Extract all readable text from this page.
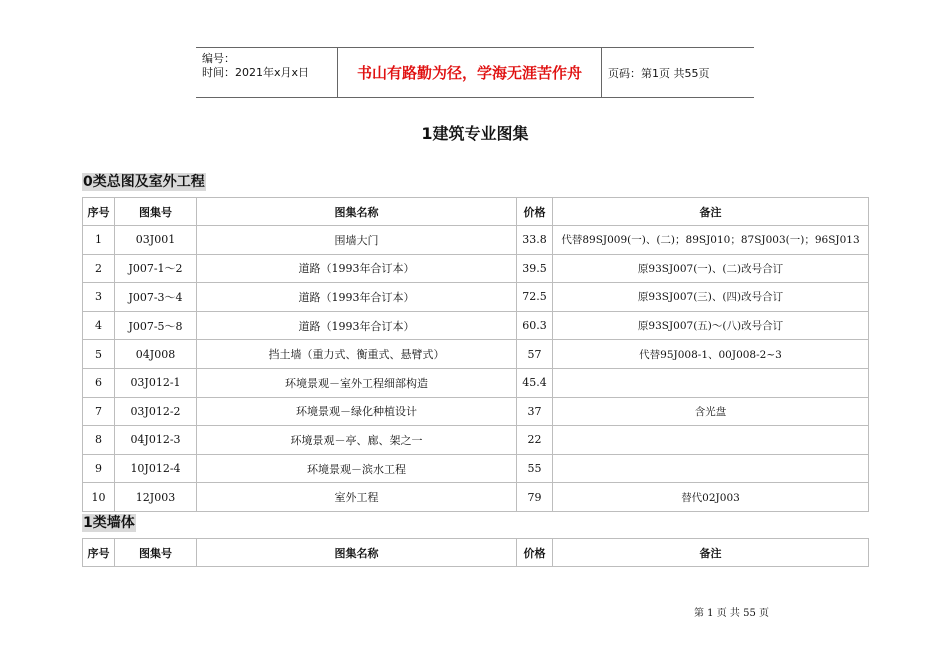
编号：
时间：2021年x月x日	书山有路勤为径，学海无涯苦作舟	页码：第1页 共55页
1建筑专业图集
0类总图及室外工程
序号	图集号	图集名称	价格	备注
1	03J001	围墙大门	33.8	代替89SJ009(一)、(二)；89SJ010；87SJ003(一)；96SJ013
2	J007-1～2	道路（1993年合订本）	39.5	原93SJ007(一)、(二)改号合订
3	J007-3～4	道路（1993年合订本）	72.5	原93SJ007(三)、(四)改号合订
4	J007-5～8	道路（1993年合订本）	60.3	原93SJ007(五)～(八)改号合订
5	04J008	挡土墙（重力式、衡重式、悬臂式）	57	代替95J008-1、00J008-2~3
6	03J012-1	环境景观－室外工程细部构造	45.4	
7	03J012-2	环境景观－绿化种植设计	37	含光盘
8	04J012-3	环境景观－亭、廊、架之一	22	
9	10J012-4	环境景观－滨水工程	55	
10	12J003	室外工程	79	替代02J003
1类墙体
序号	图集号	图集名称	价格	备注
第 1 页 共 55 页
